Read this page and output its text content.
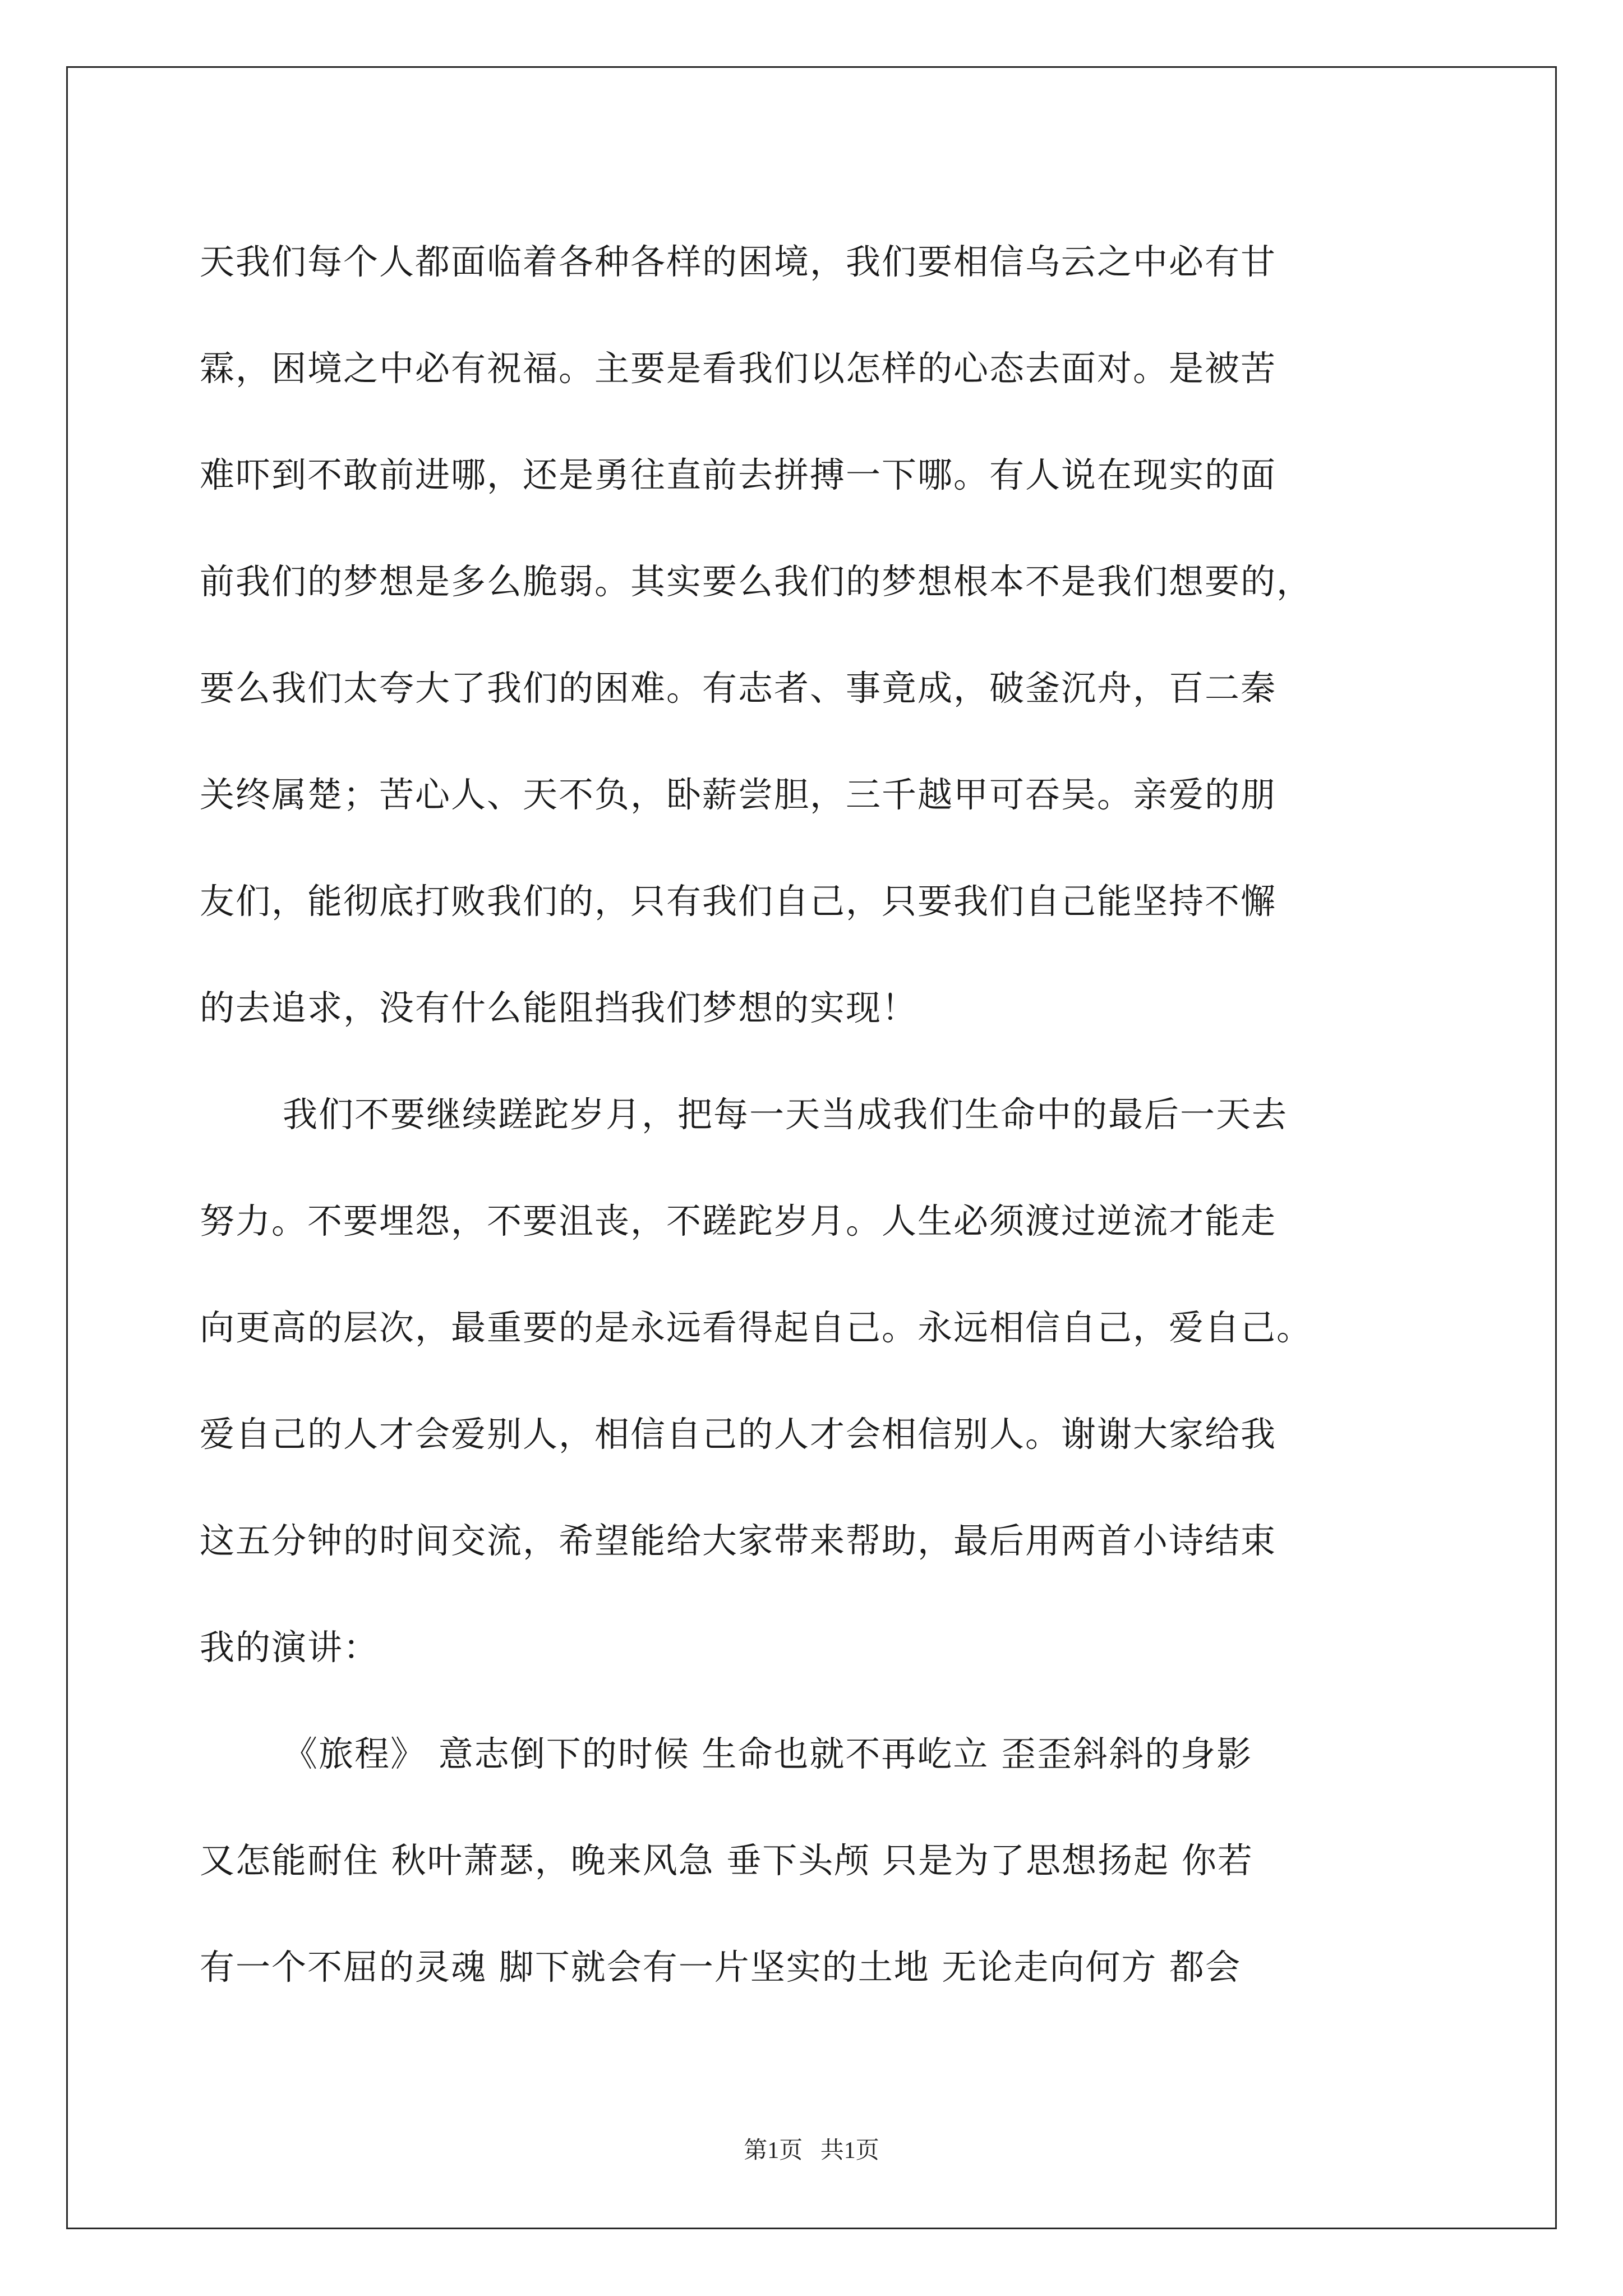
天我们每个人都面临着各种各样的困境，我们要相信乌云之中必有甘
霖，困境之中必有祝福。主要是看我们以怎样的心态去面对。是被苦
难吓到不敢前进哪，还是勇往直前去拼搏一下哪。有人说在现实的面
前我们的梦想是多么脆弱。其实要么我们的梦想根本不是我们想要的，
要么我们太夸大了我们的困难。有志者、事竟成，破釜沉舟，百二秦
关终属楚；苦心人、天不负，卧薪尝胆，三千越甲可吞吴。亲爱的朋
友们，能彻底打败我们的，只有我们自己，只要我们自己能坚持不懈
的去追求，没有什么能阻挡我们梦想的实现！
我们不要继续蹉跎岁月，把每一天当成我们生命中的最后一天去
努力。不要埋怨，不要沮丧，不蹉跎岁月。人生必须渡过逆流才能走
向更高的层次，最重要的是永远看得起自己。永远相信自己，爱自己。
爱自己的人才会爱别人，相信自己的人才会相信别人。谢谢大家给我
这五分钟的时间交流，希望能给大家带来帮助，最后用两首小诗结束
我的演讲：
《旅程》 意志倒下的时候 生命也就不再屹立 歪歪斜斜的身影
又怎能耐住 秋叶萧瑟，晚来风急 垂下头颅 只是为了思想扬起 你若
有一个不屈的灵魂 脚下就会有一片坚实的土地 无论走向何方 都会
第1页   共1页
